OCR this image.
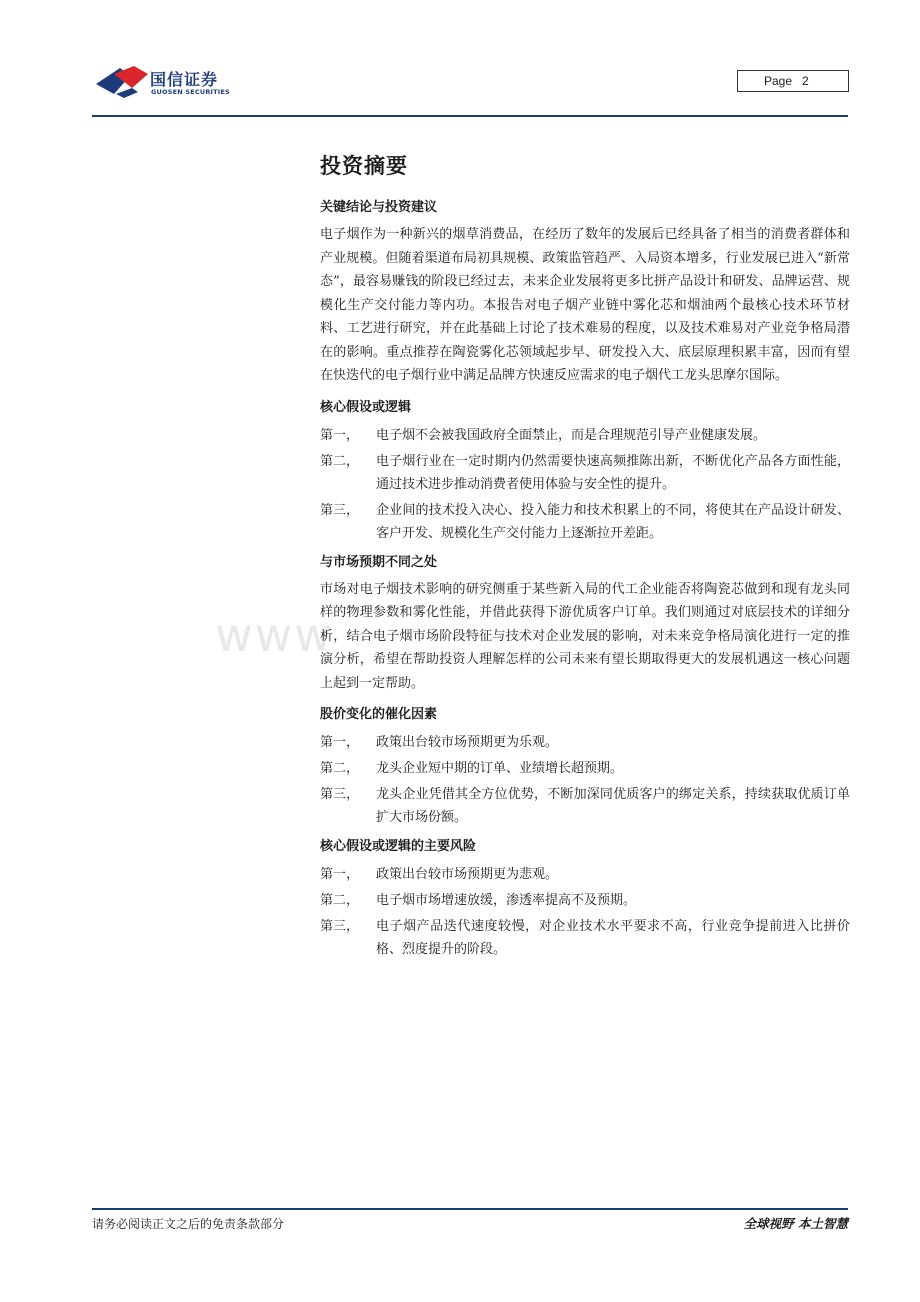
国信证券
GUOSEN SECURITIES
Page 2
www
投资摘要
关键结论与投资建议
电子烟作为一种新兴的烟草消费品，在经历了数年的发展后已经具备了相当的消费者群体和产业规模。但随着渠道布局初具规模、政策监管趋严、入局资本增多，行业发展已进入“新常态”，最容易赚钱的阶段已经过去，未来企业发展将更多比拼产品设计和研发、品牌运营、规模化生产交付能力等内功。本报告对电子烟产业链中雾化芯和烟油两个最核心技术环节材料、工艺进行研究，并在此基础上讨论了技术难易的程度，以及技术难易对产业竞争格局潜在的影响。重点推荐在陶瓷雾化芯领域起步早、研发投入大、底层原理积累丰富，因而有望在快迭代的电子烟行业中满足品牌方快速反应需求的电子烟代工龙头思摩尔国际。
核心假设或逻辑
第一，	电子烟不会被我国政府全面禁止，而是合理规范引导产业健康发展。
第二，	电子烟行业在一定时期内仍然需要快速高频推陈出新，不断优化产品各方面性能，通过技术进步推动消费者使用体验与安全性的提升。
第三，	企业间的技术投入决心、投入能力和技术积累上的不同，将使其在产品设计研发、客户开发、规模化生产交付能力上逐渐拉开差距。
与市场预期不同之处
市场对电子烟技术影响的研究侧重于某些新入局的代工企业能否将陶瓷芯做到和现有龙头同样的物理参数和雾化性能，并借此获得下游优质客户订单。我们则通过对底层技术的详细分析，结合电子烟市场阶段特征与技术对企业发展的影响，对未来竞争格局演化进行一定的推演分析，希望在帮助投资人理解怎样的公司未来有望长期取得更大的发展机遇这一核心问题上起到一定帮助。
股价变化的催化因素
第一，	政策出台较市场预期更为乐观。
第二，	龙头企业短中期的订单、业绩增长超预期。
第三，	龙头企业凭借其全方位优势，不断加深同优质客户的绑定关系，持续获取优质订单扩大市场份额。
核心假设或逻辑的主要风险
第一，	政策出台较市场预期更为悲观。
第二，	电子烟市场增速放缓，渗透率提高不及预期。
第三，	电子烟产品迭代速度较慢，对企业技术水平要求不高，行业竞争提前进入比拼价格、烈度提升的阶段。
请务必阅读正文之后的免责条款部分	全球视野 本土智慧
